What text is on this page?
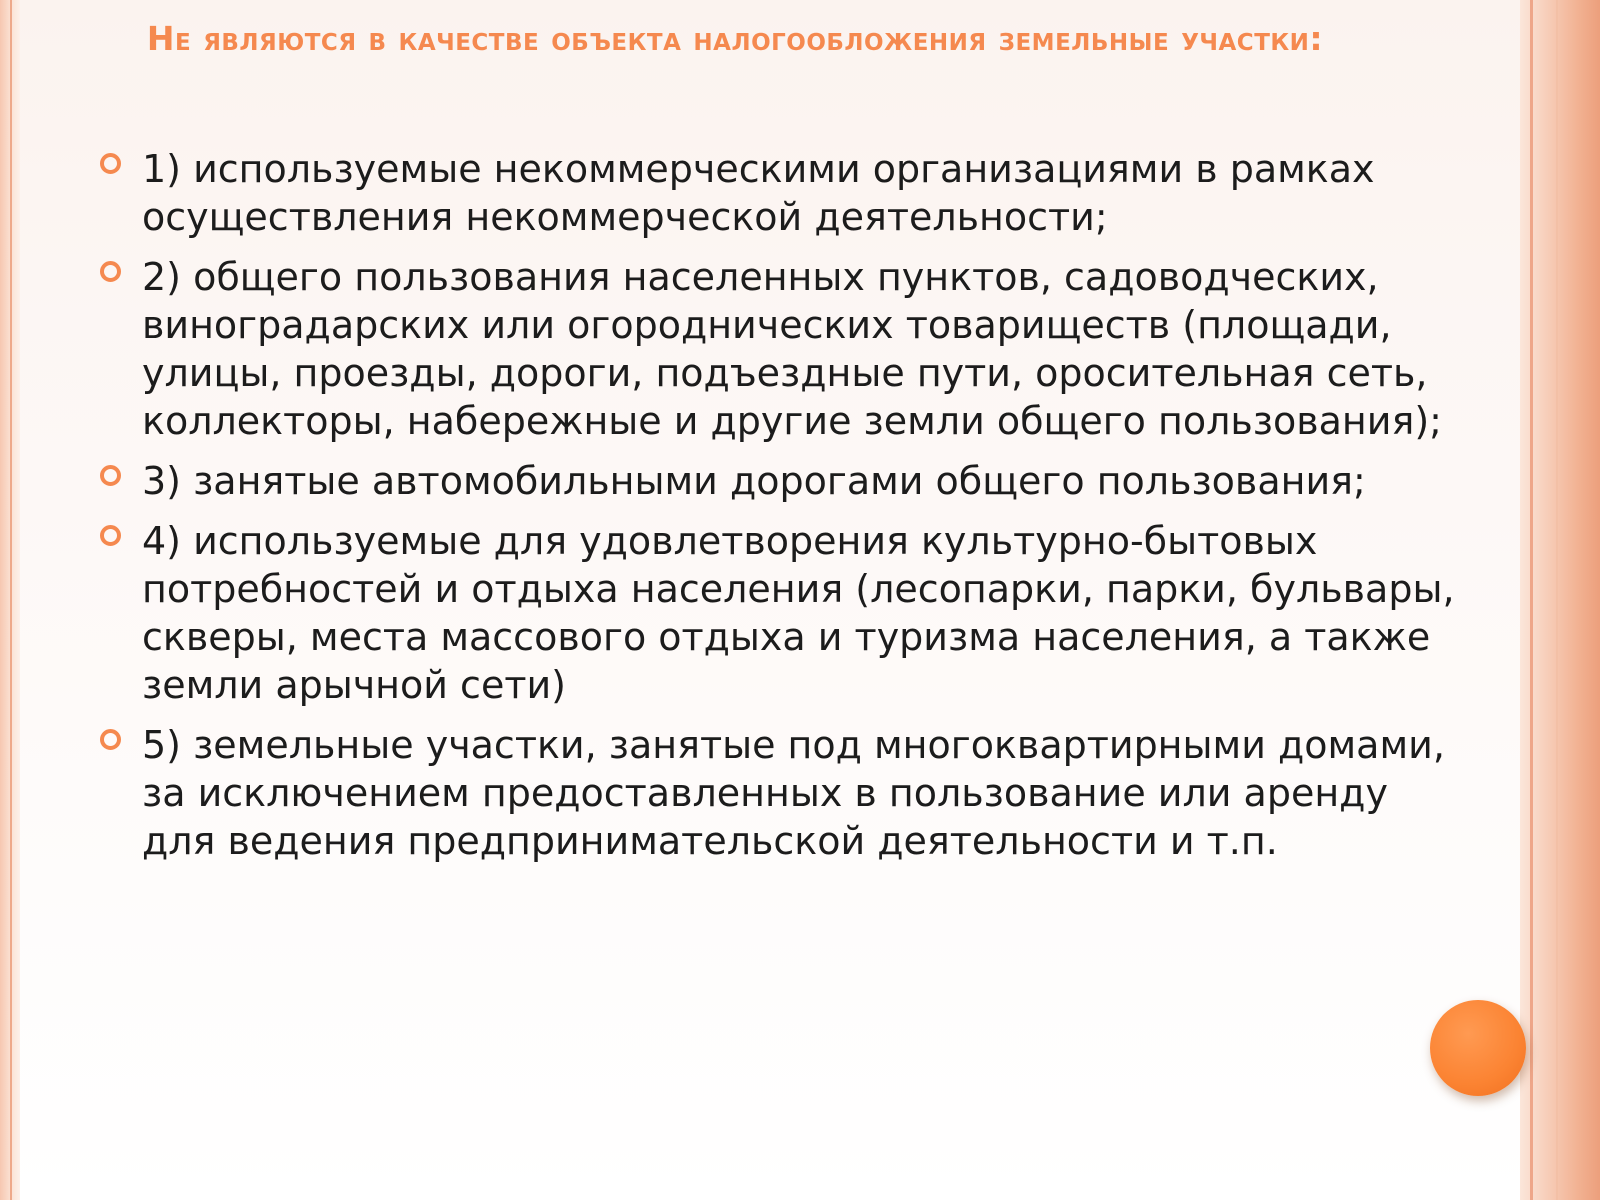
Не являются в качестве объекта налогообложения земельные участки:
1) используемые некоммерческими организациями в рамках осуществления некоммерческой деятельности;
2) общего пользования населенных пунктов, садоводческих, виноградарских или огороднических товариществ (площади, улицы, проезды, дороги, подъездные пути, оросительная сеть, коллекторы, набережные и другие земли общего пользования);
3) занятые автомобильными дорогами общего пользования;
4) используемые для удовлетворения культурно-бытовых потребностей и отдыха населения (лесопарки, парки, бульвары, скверы, места массового отдыха и туризма населения, а также земли арычной сети)
5) земельные участки, занятые под многоквартирными домами, за исключением предоставленных в пользование или аренду для ведения предпринимательской деятельности и т.п.
